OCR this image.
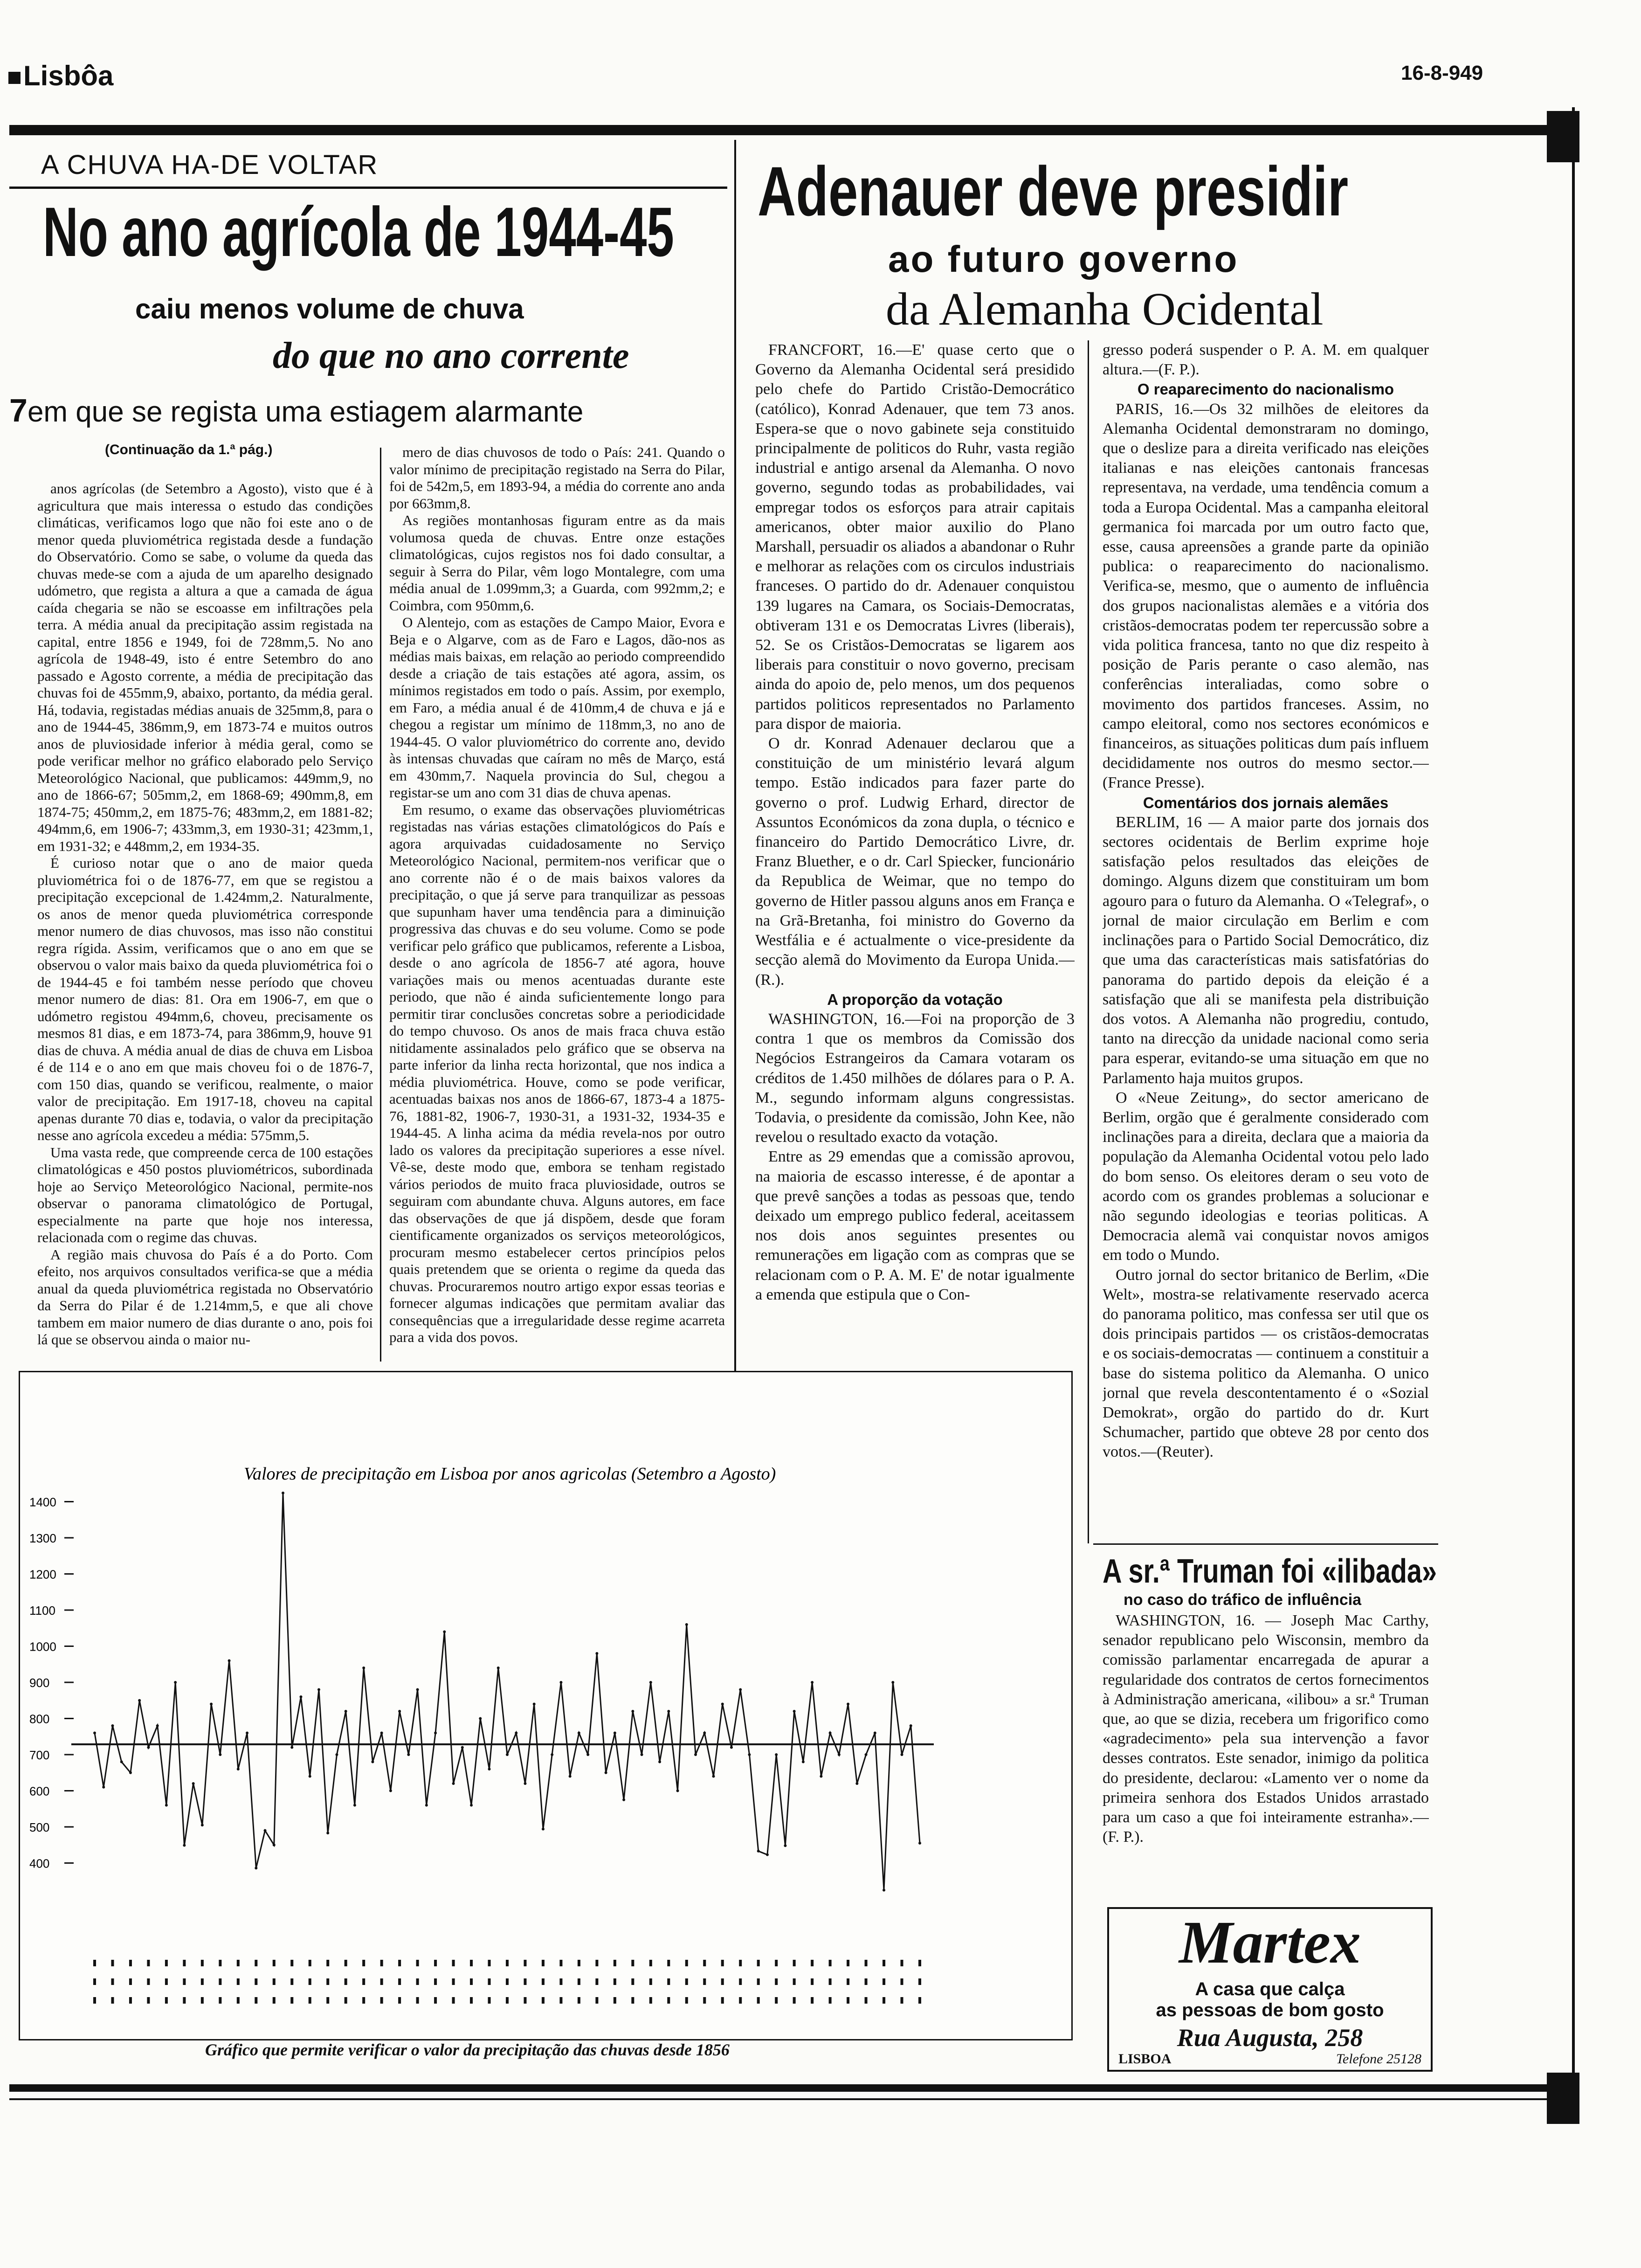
Lisbôa	16-8-949
A CHUVA HA-DE VOLTAR
No ano agrícola de 1944-45
caiu menos volume de chuva
do que no ano corrente
7em que se regista uma estiagem alarmante
(Continuação da 1.ª pág.)

anos agrícolas (de Setembro a Agosto), visto que é à agricultura que mais interessa o estudo das condições climáticas, verificamos logo que não foi este ano o de menor queda pluviométrica registada desde a fundação do Observatório. Como se sabe, o volume da queda das chuvas mede-se com a ajuda de um aparelho designado udómetro, que regista a altura a que a camada de água caída chegaria se não se escoasse em infiltrações pela terra. A média anual da precipitação assim registada na capital, entre 1856 e 1949, foi de 728mm,5. No ano agrícola de 1948-49, isto é entre Setembro do ano passado e Agosto corrente, a média de precipitação das chuvas foi de 455mm,9, abaixo, portanto, da média geral. Há, todavia, registadas médias anuais de 325mm,8, para o ano de 1944-45, 386mm,9, em 1873-74 e muitos outros anos de pluviosidade inferior à média geral, como se pode verificar melhor no gráfico elaborado pelo Serviço Meteorológico Nacional, que publicamos: 449mm,9, no ano de 1866-67; 505mm,2, em 1868-69; 490mm,8, em 1874-75; 450mm,2, em 1875-76; 483mm,2, em 1881-82; 494mm,6, em 1906-7; 433mm,3, em 1930-31; 423mm,1, em 1931-32; e 448mm,2, em 1934-35.

É curioso notar que o ano de maior queda pluviométrica foi o de 1876-77, em que se registou a precipitação excepcional de 1.424mm,2. Naturalmente, os anos de menor queda pluviométrica corresponde menor numero de dias chuvosos, mas isso não constitui regra rígida. Assim, verificamos que o ano em que se observou o valor mais baixo da queda pluviométrica foi o de 1944-45 e foi também nesse período que choveu menor numero de dias: 81. Ora em 1906-7, em que o udómetro registou 494mm,6, choveu, precisamente os mesmos 81 dias, e em 1873-74, para 386mm,9, houve 91 dias de chuva. A média anual de dias de chuva em Lisboa é de 114 e o ano em que mais choveu foi o de 1876-7, com 150 dias, quando se verificou, realmente, o maior valor de precipitação. Em 1917-18, choveu na capital apenas durante 70 dias e, todavia, o valor da precipitação nesse ano agrícola excedeu a média: 575mm,5.

Uma vasta rede, que compreende cerca de 100 estações climatológicas e 450 postos pluviométricos, subordinada hoje ao Serviço Meteorológico Nacional, permite-nos observar o panorama climatológico de Portugal, especialmente na parte que hoje nos interessa, relacionada com o regime das chuvas.

A região mais chuvosa do País é a do Porto. Com efeito, nos arquivos consultados verifica-se que a média anual da queda pluviométrica registada no Observatório da Serra do Pilar é de 1.214mm,5, e que ali chove tambem em maior numero de dias durante o ano, pois foi lá que se observou ainda o maior nu-

mero de dias chuvosos de todo o País: 241. Quando o valor mínimo de precipitação registado na Serra do Pilar, foi de 542m,5, em 1893-94, a média do corrente ano anda por 663mm,8.

As regiões montanhosas figuram entre as da mais volumosa queda de chuvas. Entre onze estações climatológicas, cujos registos nos foi dado consultar, a seguir à Serra do Pilar, vêm logo Montalegre, com uma média anual de 1.099mm,3; a Guarda, com 992mm,2; e Coimbra, com 950mm,6.

O Alentejo, com as estações de Campo Maior, Evora e Beja e o Algarve, com as de Faro e Lagos, dão-nos as médias mais baixas, em relação ao periodo compreendido desde a criação de tais estações até agora, assim, os mínimos registados em todo o país. Assim, por exemplo, em Faro, a média anual é de 410mm,4 de chuva e já e chegou a registar um mínimo de 118mm,3, no ano de 1944-45. O valor pluviométrico do corrente ano, devido às intensas chuvadas que caíram no mês de Março, está em 430mm,7. Naquela provincia do Sul, chegou a registar-se um ano com 31 dias de chuva apenas.

Em resumo, o exame das observações pluviométricas registadas nas várias estações climatológicos do País e agora arquivadas cuidadosamente no Serviço Meteorológico Nacional, permitem-nos verificar que o ano corrente não é o de mais baixos valores da precipitação, o que já serve para tranquilizar as pessoas que supunham haver uma tendência para a diminuição progressiva das chuvas e do seu volume. Como se pode verificar pelo gráfico que publicamos, referente a Lisboa, desde o ano agrícola de 1856-7 até agora, houve variações mais ou menos acentuadas durante este periodo, que não é ainda suficientemente longo para permitir tirar conclusões concretas sobre a periodicidade do tempo chuvoso. Os anos de mais fraca chuva estão nitidamente assinalados pelo gráfico que se observa na parte inferior da linha recta horizontal, que nos indica a média pluviométrica. Houve, como se pode verificar, acentuadas baixas nos anos de 1866-67, 1873-4 a 1875-76, 1881-82, 1906-7, 1930-31, a 1931-32, 1934-35 e 1944-45. A linha acima da média revela-nos por outro lado os valores da precipitação superiores a esse nível. Vê-se, deste modo que, embora se tenham registado vários periodos de muito fraca pluviosidade, outros se seguiram com abundante chuva. Alguns autores, em face das observações de que já dispõem, desde que foram cientificamente organizados os serviços meteorológicos, procuram mesmo estabelecer certos princípios pelos quais pretendem que se orienta o regime da queda das chuvas. Procuraremos noutro artigo expor essas teorias e fornecer algumas indicações que permitam avaliar das consequências que a irregularidade desse regime acarreta para a vida dos povos.

Valores de precipitação em Lisboa por anos agricolas (Setembro a Agosto)
1400
1300
1200
1100
1000
900
800
700
600
500
400
Gráfico que permite verificar o valor da precipitação das chuvas desde 1856
Adenauer deve presidir
ao futuro governo
da Alemanha Ocidental

FRANCFORT, 16.—E' quase certo que o Governo da Alemanha Ocidental será presidido pelo chefe do Partido Cristão-Democrático (católico), Konrad Adenauer, que tem 73 anos. Espera-se que o novo gabinete seja constituido principalmente de politicos do Ruhr, vasta região industrial e antigo arsenal da Alemanha. O novo governo, segundo todas as probabilidades, vai empregar todos os esforços para atrair capitais americanos, obter maior auxilio do Plano Marshall, persuadir os aliados a abandonar o Ruhr e melhorar as relações com os circulos industriais franceses. O partido do dr. Adenauer conquistou 139 lugares na Camara, os Sociais-Democratas, obtiveram 131 e os Democratas Livres (liberais), 52. Se os Cristãos-Democratas se ligarem aos liberais para constituir o novo governo, precisam ainda do apoio de, pelo menos, um dos pequenos partidos politicos representados no Parlamento para dispor de maioria.

O dr. Konrad Adenauer declarou que a constituição de um ministério levará algum tempo. Estão indicados para fazer parte do governo o prof. Ludwig Erhard, director de Assuntos Económicos da zona dupla, o técnico e financeiro do Partido Democrático Livre, dr. Franz Bluether, e o dr. Carl Spiecker, funcionário da Republica de Weimar, que no tempo do governo de Hitler passou alguns anos em França e na Grã-Bretanha, foi ministro do Governo da Westfália e é actualmente o vice-presidente da secção alemã do Movimento da Europa Unida.—(R.).

A proporção da votação

WASHINGTON, 16.—Foi na proporção de 3 contra 1 que os membros da Comissão dos Negócios Estrangeiros da Camara votaram os créditos de 1.450 milhões de dólares para o P. A. M., segundo informam alguns congressistas. Todavia, o presidente da comissão, John Kee, não revelou o resultado exacto da votação.

Entre as 29 emendas que a comissão aprovou, na maioria de escasso interesse, é de apontar a que prevê sanções a todas as pessoas que, tendo deixado um emprego publico federal, aceitassem nos dois anos seguintes presentes ou remunerações em ligação com as compras que se relacionam com o P. A. M. E' de notar igualmente a emenda que estipula que o Con-

gresso poderá suspender o P. A. M. em qualquer altura.—(F. P.).

O reaparecimento do nacionalismo

PARIS, 16.—Os 32 milhões de eleitores da Alemanha Ocidental demonstraram no domingo, que o deslize para a direita verificado nas eleições italianas e nas eleições cantonais francesas representava, na verdade, uma tendência comum a toda a Europa Ocidental. Mas a campanha eleitoral germanica foi marcada por um outro facto que, esse, causa apreensões a grande parte da opinião publica: o reaparecimento do nacionalismo. Verifica-se, mesmo, que o aumento de influência dos grupos nacionalistas alemães e a vitória dos cristãos-democratas podem ter repercussão sobre a vida politica francesa, tanto no que diz respeito à posição de Paris perante o caso alemão, nas conferências interaliadas, como sobre o movimento dos partidos franceses. Assim, no campo eleitoral, como nos sectores económicos e financeiros, as situações politicas dum país influem decididamente nos outros do mesmo sector.—(France Presse).

Comentários dos jornais alemães

BERLIM, 16 — A maior parte dos jornais dos sectores ocidentais de Berlim exprime hoje satisfação pelos resultados das eleições de domingo. Alguns dizem que constituiram um bom agouro para o futuro da Alemanha. O «Telegraf», o jornal de maior circulação em Berlim e com inclinações para o Partido Social Democrático, diz que uma das características mais satisfatórias do panorama do partido depois da eleição é a satisfação que ali se manifesta pela distribuição dos votos. A Alemanha não progrediu, contudo, tanto na direcção da unidade nacional como seria para esperar, evitando-se uma situação em que no Parlamento haja muitos grupos.

O «Neue Zeitung», do sector americano de Berlim, orgão que é geralmente considerado com inclinações para a direita, declara que a maioria da população da Alemanha Ocidental votou pelo lado do bom senso. Os eleitores deram o seu voto de acordo com os grandes problemas a solucionar e não segundo ideologias e teorias politicas. A Democracia alemã vai conquistar novos amigos em todo o Mundo.

Outro jornal do sector britanico de Berlim, «Die Welt», mostra-se relativamente reservado acerca do panorama politico, mas confessa ser util que os dois principais partidos — os cristãos-democratas e os sociais-democratas — continuem a constituir a base do sistema politico da Alemanha. O unico jornal que revela descontentamento é o «Sozial Demokrat», orgão do partido do dr. Kurt Schumacher, partido que obteve 28 por cento dos votos.—(Reuter).

A sr.ª Truman foi «ilibada»
no caso do tráfico de influência

WASHINGTON, 16. — Joseph Mac Carthy, senador republicano pelo Wisconsin, membro da comissão parlamentar encarregada de apurar a regularidade dos contratos de certos fornecimentos à Administração americana, «ilibou» a sr.ª Truman que, ao que se dizia, recebera um frigorifico como «agradecimento» pela sua intervenção a favor desses contratos. Este senador, inimigo da politica do presidente, declarou: «Lamento ver o nome da primeira senhora dos Estados Unidos arrastado para um caso a que foi inteiramente estranha».—(F. P.).

Martex
A casa que calça
as pessoas de bom gosto
Rua Augusta, 258
LISBOA	Telefone 25128
